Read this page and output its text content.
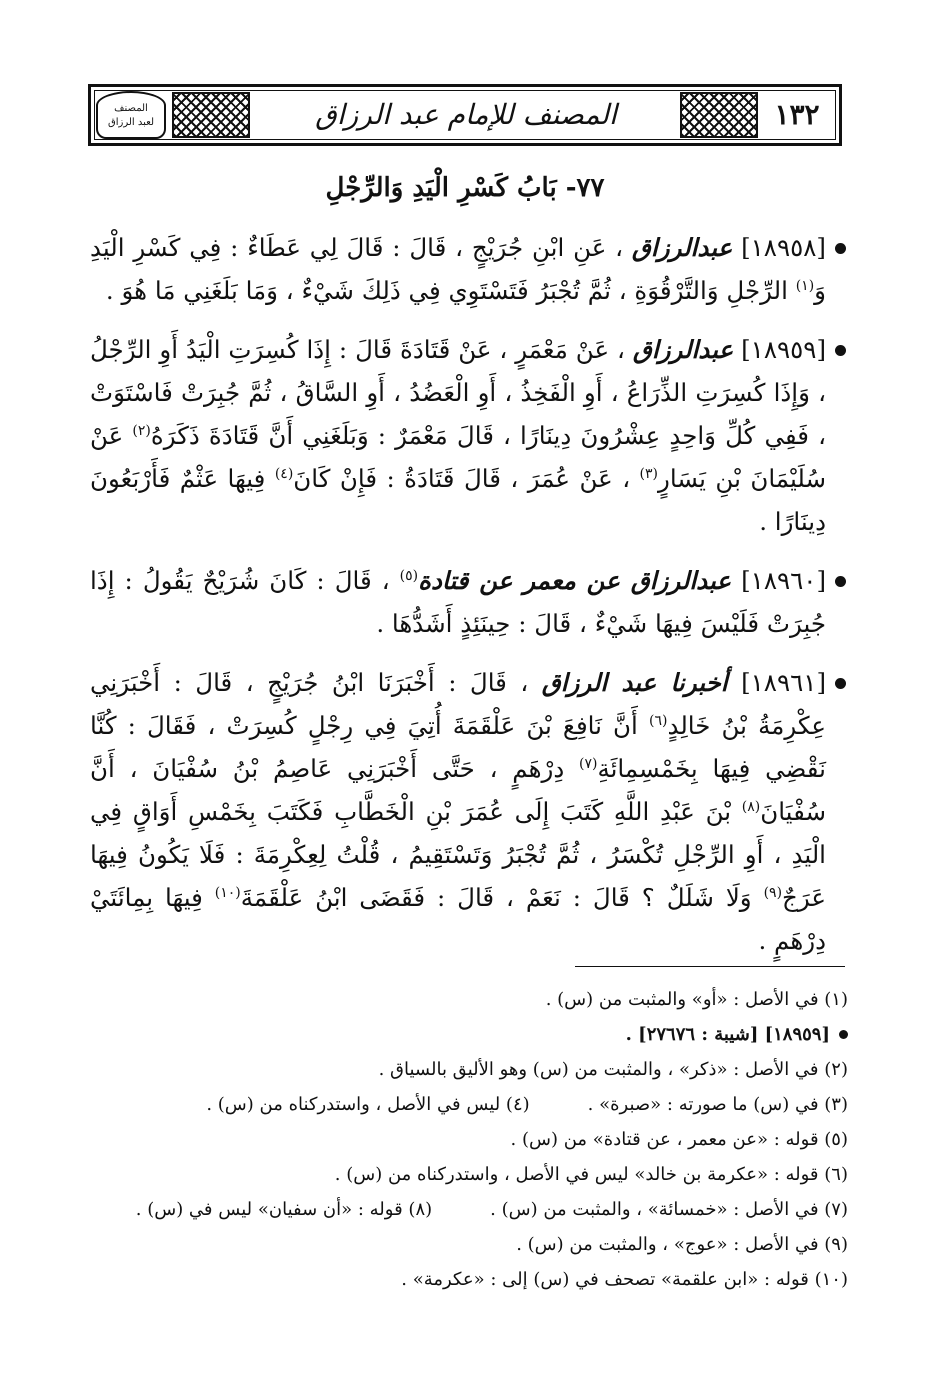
المصنف
لعبد الرزاق	المصنف للإمام عبد الرزاق	١٣٢
٧٧- بَابُ كَسْرِ الْيَدِ وَالرِّجْلِ

[١٨٩٥٨] عبدالرزاق ، عَنِ ابْنِ جُرَيْجٍ ، قَالَ : قَالَ لِي عَطَاءٌ : فِي كَسْرِ الْيَدِ وَ$^{(١)}$ الرِّجْلِ وَالتَّرْقُوَةِ ، ثُمَّ تُجْبَرُ فَتَسْتَوِي فِي ذَلِكَ شَيْءٌ ، وَمَا بَلَغَنِي مَا هُوَ .

[١٨٩٥٩] عبدالرزاق ، عَنْ مَعْمَرٍ ، عَنْ قَتَادَةَ قَالَ : إِذَا كُسِرَتِ الْيَدُ أَوِ الرِّجْلُ ، وَإِذَا كُسِرَتِ الذِّرَاعُ ، أَوِ الْفَخِذُ ، أَوِ الْعَضُدُ ، أَوِ السَّاقُ ، ثُمَّ جُبِرَتْ فَاسْتَوَتْ ، فَفِي كُلِّ وَاحِدٍ عِشْرُونَ دِينَارًا ، قَالَ مَعْمَرٌ : وَبَلَغَنِي أَنَّ قَتَادَةَ ذَكَرَهُ$^{(٢)}$ عَنْ سُلَيْمَانَ بْنِ يَسَارٍ$^{(٣)}$ ، عَنْ عُمَرَ ، قَالَ قَتَادَةُ : فَإِنْ كَانَ$^{(٤)}$ فِيهَا عَثْمٌ فَأَرْبَعُونَ دِينَارًا .

[١٨٩٦٠] عبدالرزاق عن معمر عن قتادة$^{(٥)}$ ، قَالَ : كَانَ شُرَيْحٌ يَقُولُ : إِذَا جُبِرَتْ فَلَيْسَ فِيهَا شَيْءٌ ، قَالَ : حِينَئِذٍ أَشَدُّهَا .

[١٨٩٦١] أخبرنا عبد الرزاق ، قَالَ : أَخْبَرَنَا ابْنُ جُرَيْجٍ ، قَالَ : أَخْبَرَنِي عِكْرِمَةُ بْنُ خَالِدٍ$^{(٦)}$ أَنَّ نَافِعَ بْنَ عَلْقَمَةَ أُتِيَ فِي رِجْلٍ كُسِرَتْ ، فَقَالَ : كُنَّا نَقْضِي فِيهَا بِخَمْسِمِائَةِ$^{(٧)}$ دِرْهَمٍ ، حَتَّى أَخْبَرَنِي عَاصِمُ بْنُ سُفْيَانَ ، أَنَّ سُفْيَانَ$^{(٨)}$ بْنَ عَبْدِ اللَّهِ كَتَبَ إِلَى عُمَرَ بْنِ الْخَطَّابِ فَكَتَبَ بِخَمْسِ أَوَاقٍ فِي الْيَدِ ، أَوِ الرِّجْلِ تُكْسَرُ ، ثُمَّ تُجْبَرُ وَتَسْتَقِيمُ ، قُلْتُ لِعِكْرِمَةَ : فَلَا يَكُونُ فِيهَا عَرَجٌ$^{(٩)}$ وَلَا شَلَلٌ ؟ قَالَ : نَعَمْ ، قَالَ : فَقَضَى ابْنُ عَلْقَمَةَ$^{(١٠)}$ فِيهَا بِمِائَتَيْ دِرْهَمٍ .

(١) في الأصل : «أو» والمثبت من (س) .
[١٨٩٥٩] [شيبة : ٢٧٦٧٦] .
(٢) في الأصل : «ذكر» ، والمثبت من (س) وهو الأليق بالسياق .
(٣) في (س) ما صورته : «صبرة» .
(٤) ليس في الأصل ، واستدركناه من (س) .
(٥) قوله : «عن معمر ، عن قتادة» من (س) .
(٦) قوله : «عكرمة بن خالد» ليس في الأصل ، واستدركناه من (س) .
(٧) في الأصل : «خمسائة» ، والمثبت من (س) .
(٨) قوله : «أن سفيان» ليس في (س) .
(٩) في الأصل : «عوج» ، والمثبت من (س) .
(١٠) قوله : «ابن علقمة» تصحف في (س) إلى : «عكرمة» .
